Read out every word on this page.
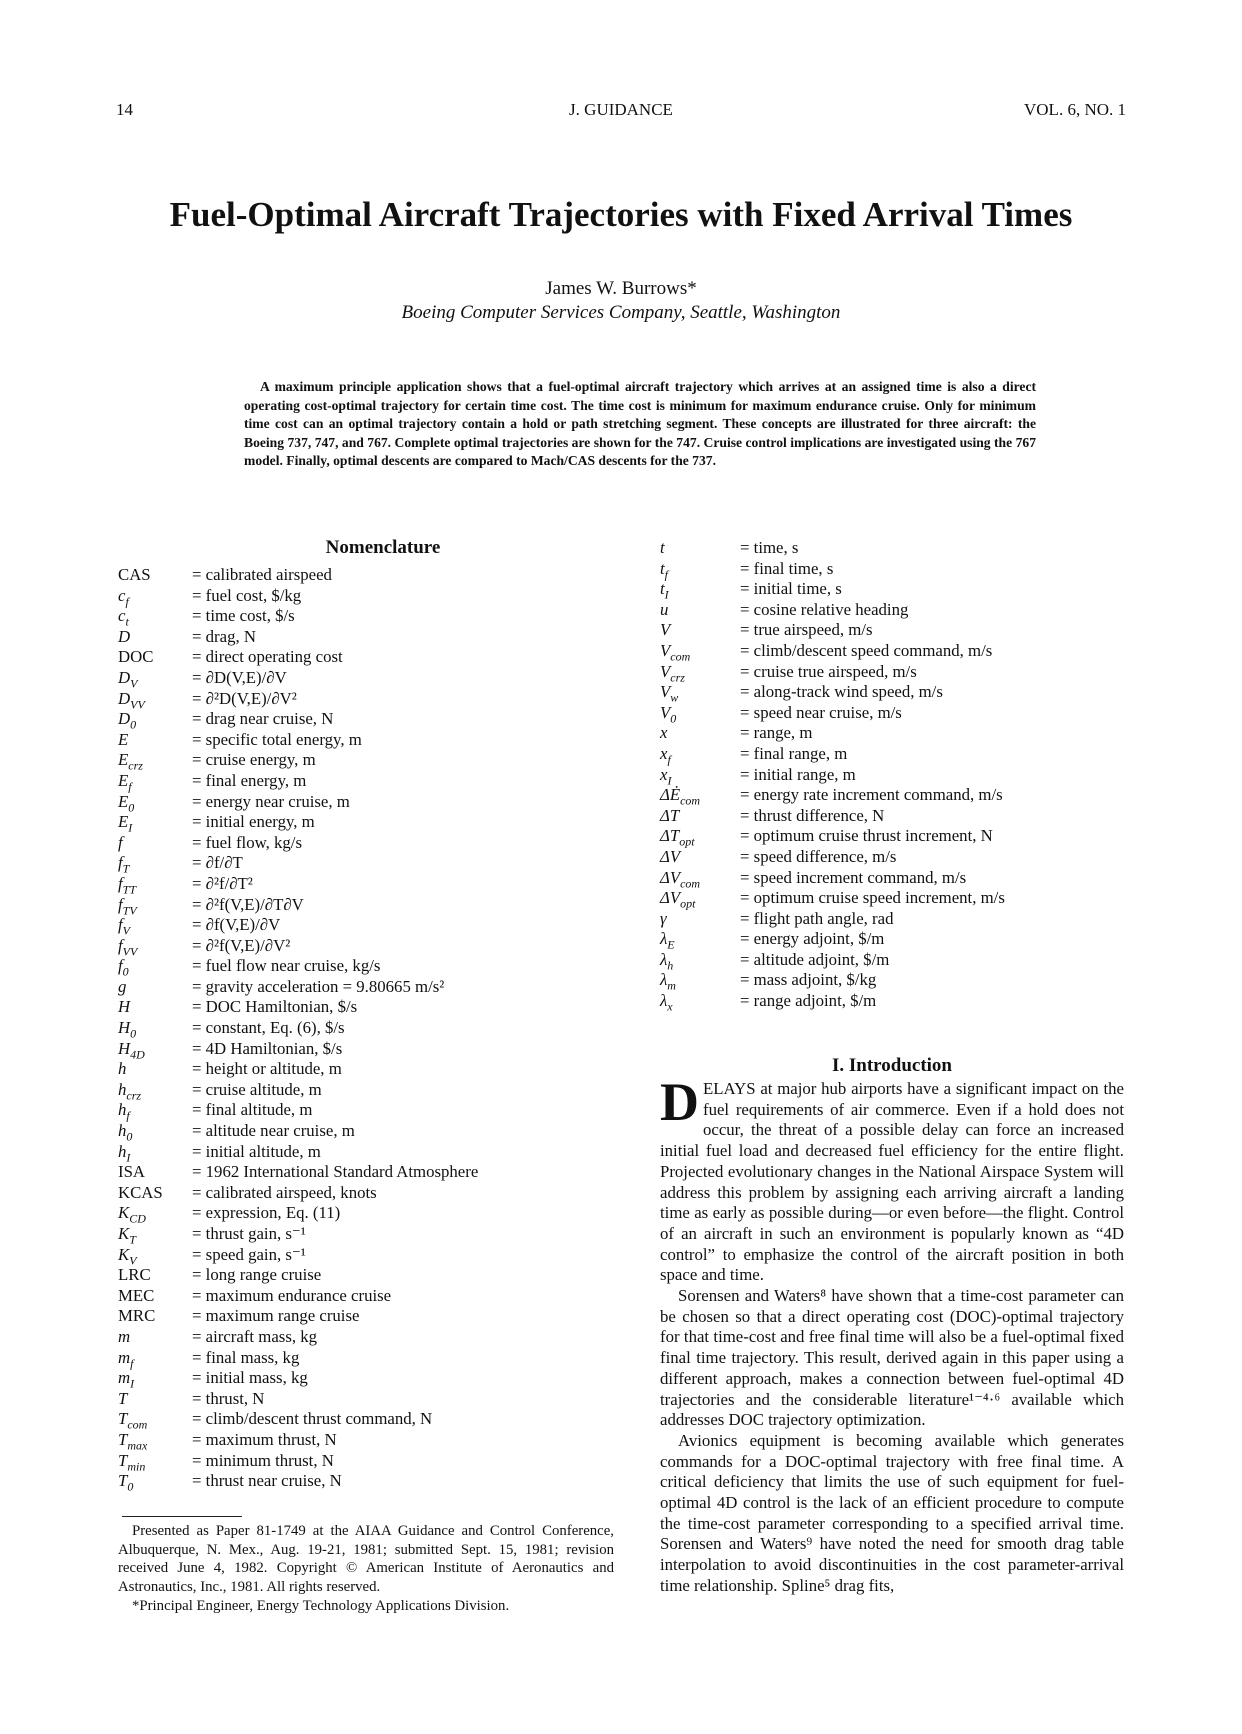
14	J. GUIDANCE	VOL. 6, NO. 1
Fuel-Optimal Aircraft Trajectories with Fixed Arrival Times
James W. Burrows*
Boeing Computer Services Company, Seattle, Washington

A maximum principle application shows that a fuel-optimal aircraft trajectory which arrives at an assigned time is also a direct operating cost-optimal trajectory for certain time cost. The time cost is minimum for maximum endurance cruise. Only for minimum time cost can an optimal trajectory contain a hold or path stretching segment. These concepts are illustrated for three aircraft: the Boeing 737, 747, and 767. Complete optimal trajectories are shown for the 747. Cruise control implications are investigated using the 767 model. Finally, optimal descents are compared to Mach/CAS descents for the 737.

Nomenclature
CAS = calibrated airspeed
$c_f$	= fuel cost, $/kg
$c_t$	= time cost, $/s
D	= drag, N
DOC = direct operating cost
$D_V$	= ∂D(V,E)/∂V
$D_{VV}$	= ∂²D(V,E)/∂V²
$D_0$	= drag near cruise, N
E	= specific total energy, m
$E_{crz}$	= cruise energy, m
$E_f$	= final energy, m
$E_0$	= energy near cruise, m
$E_I$	= initial energy, m
f	= fuel flow, kg/s
$f_T$	= ∂f/∂T
$f_{TT}$	= ∂²f/∂T²
$f_{TV}$	= ∂²f(V,E)/∂T∂V
$f_V$	= ∂f(V,E)/∂V
$f_{VV}$	= ∂²f(V,E)/∂V²
$f_0$	= fuel flow near cruise, kg/s
g	= gravity acceleration = 9.80665 m/s²
H	= DOC Hamiltonian, $/s
$H_0$	= constant, Eq. (6), $/s
$H_{4D}$	= 4D Hamiltonian, $/s
h	= height or altitude, m
$h_{crz}$	= cruise altitude, m
$h_f$	= final altitude, m
$h_0$	= altitude near cruise, m
$h_I$	= initial altitude, m
ISA	= 1962 International Standard Atmosphere
KCAS = calibrated airspeed, knots
$K_{CD}$	= expression, Eq. (11)
$K_T$	= thrust gain, s⁻¹
$K_V$	= speed gain, s⁻¹
LRC = long range cruise
MEC = maximum endurance cruise
MRC = maximum range cruise
m	= aircraft mass, kg
$m_f$	= final mass, kg
$m_I$	= initial mass, kg
T	= thrust, N
$T_{com}$	= climb/descent thrust command, N
$T_{max}$	= maximum thrust, N
$T_{min}$	= minimum thrust, N
$T_0$	= thrust near cruise, N
t	= time, s
$t_f$	= final time, s
$t_I$	= initial time, s
u	= cosine relative heading
V	= true airspeed, m/s
$V_{com}$	= climb/descent speed command, m/s
$V_{crz}$	= cruise true airspeed, m/s
$V_w$	= along-track wind speed, m/s
$V_0$	= speed near cruise, m/s
x	= range, m
$x_f$	= final range, m
$x_I$	= initial range, m
$\Delta Ė_{com}$ = energy rate increment command, m/s
ΔT	= thrust difference, N
$\Delta T_{opt}$	= optimum cruise thrust increment, N
ΔV	= speed difference, m/s
$\Delta V_{com}$ = speed increment command, m/s
$\Delta V_{opt}$	= optimum cruise speed increment, m/s
γ	= flight path angle, rad
$\lambda_E$	= energy adjoint, $/m
$\lambda_h$	= altitude adjoint, $/m
$\lambda_m$	= mass adjoint, $/kg
$\lambda_x$	= range adjoint, $/m

Presented as Paper 81-1749 at the AIAA Guidance and Control Conference, Albuquerque, N. Mex., Aug. 19-21, 1981; submitted Sept. 15, 1981; revision received June 4, 1982. Copyright © American Institute of Aeronautics and Astronautics, Inc., 1981. All rights reserved.

*Principal Engineer, Energy Technology Applications Division.

I. Introduction

DELAYS at major hub airports have a significant impact on the fuel requirements of air commerce. Even if a hold does not occur, the threat of a possible delay can force an increased initial fuel load and decreased fuel efficiency for the entire flight. Projected evolutionary changes in the National Airspace System will address this problem by assigning each arriving aircraft a landing time as early as possible during—or even before—the flight. Control of an aircraft in such an environment is popularly known as “4D control” to emphasize the control of the aircraft position in both space and time.

Sorensen and Waters⁸ have shown that a time-cost parameter can be chosen so that a direct operating cost (DOC)-optimal trajectory for that time-cost and free final time will also be a fuel-optimal fixed final time trajectory. This result, derived again in this paper using a different approach, makes a connection between fuel-optimal 4D trajectories and the considerable literature¹⁻⁴·⁶ available which addresses DOC trajectory optimization.

Avionics equipment is becoming available which generates commands for a DOC-optimal trajectory with free final time. A critical deficiency that limits the use of such equipment for fuel-optimal 4D control is the lack of an efficient procedure to compute the time-cost parameter corresponding to a specified arrival time. Sorensen and Waters⁹ have noted the need for smooth drag table interpolation to avoid discontinuities in the cost parameter-arrival time relationship. Spline⁵ drag fits,
